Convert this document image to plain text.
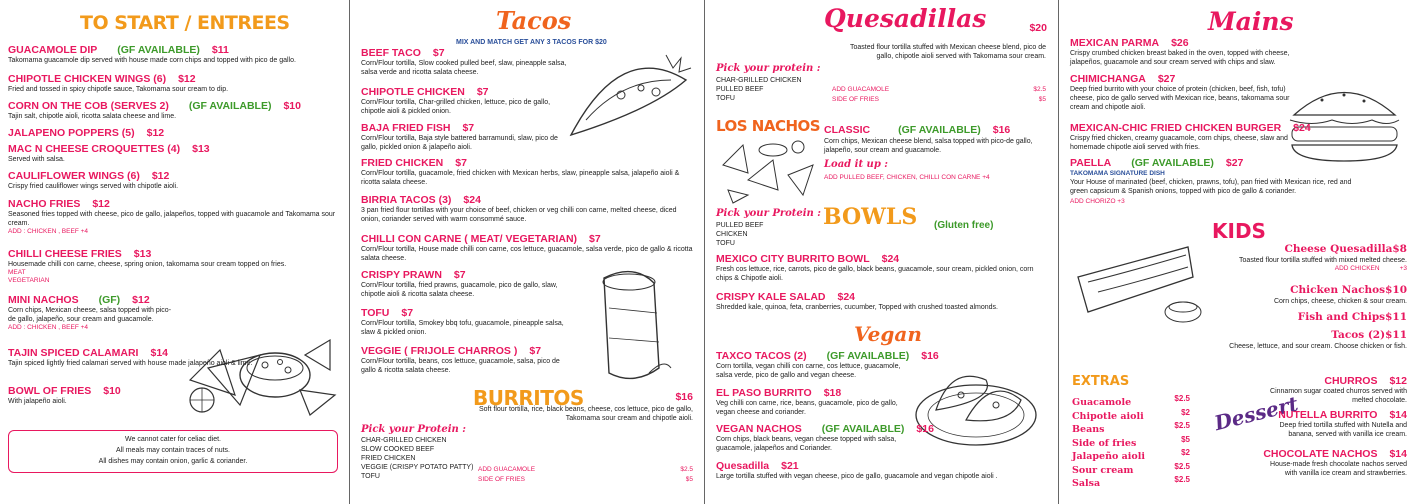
TO START / ENTREES
We cannot cater for celiac diet.
All meals may contain traces of nuts.
All dishes may contain onion, garlic & coriander.
GUACAMOLE DIP (GF AVAILABLE) $11
Takomama guacamole dip served with house made corn chips and topped with pico de gallo.
CHIPOTLE CHICKEN WINGS (6) $12
Fried and tossed in spicy chipotle sauce, Takomama sour cream to dip.
CORN ON THE COB (SERVES 2) (GF AVAILABLE) $10
Tajin salt, chipotle aioli, ricotta salata cheese and lime.
JALAPENO POPPERS (5) $12
MAC N CHEESE CROQUETTES (4) $13
Served with salsa.
CAULIFLOWER WINGS (6) $12
Crispy fried cauliflower wings served with chipotle aioli.
NACHO FRIES $12
Seasoned fries topped with cheese, pico de gallo, jalapeños, topped with guacamole and Takomama sour cream.
ADD : CHICKEN , BEEF +4
CHILLI CHEESE FRIES $13
Housemade chilli con carne, cheese, spring onion, takomama sour cream topped on fries.
MEAT
VEGETARIAN
MINI NACHOS (GF) $12
Corn chips, Mexican cheese, salsa topped with pico-de gallo, jalapeño, sour cream and guacamole.
ADD : CHICKEN , BEEF +4
TAJIN SPICED CALAMARI $14
Tajin spiced lightly fried calamari served with house made jalapeño aioli & lime.
BOWL OF FRIES $10
With jalapeño aioli.
Tacos
MIX AND MATCH GET ANY 3 TACOS FOR $20
BEEF TACO $7
Corn/Flour tortilla, Slow cooked pulled beef, slaw, pineapple salsa, salsa verde and ricotta salata cheese.
CHIPOTLE CHICKEN $7
Corn/Flour tortilla, Char-grilled chicken, lettuce, pico de gallo, chipotle aioli & pickled onion.
BAJA FRIED FISH $7
Corn/Flour tortilla, Baja style battered barramundi, slaw, pico de gallo, pickled onion & jalapeño aioli.
FRIED CHICKEN $7
Corn/Flour tortilla, guacamole, fried chicken with Mexican herbs, slaw, pineapple salsa, jalapeño aioli & ricotta salata cheese.
BIRRIA TACOS (3) $24
3 pan fried flour tortillas with your choice of beef, chicken or veg chilli con carne, melted cheese, diced onion, coriander served with warm consommé sauce.
CHILLI CON CARNE ( MEAT/ VEGETARIAN) $7
Corn/Flour tortilla, House made chilli con carne, cos lettuce, guacamole, salsa verde, pico de gallo & ricotta salata cheese.
CRISPY PRAWN $7
Corn/Flour tortilla, fried prawns, guacamole, pico de gallo, slaw, chipotle aioli & ricotta salata cheese.
TOFU $7
Corn/Flour tortilla, Smokey bbq tofu, guacamole, pineapple salsa, slaw & pickled onion.
VEGGIE ( FRIJOLE CHARROS ) $7
Corn/Flour tortilla, beans, cos lettuce, guacamole, salsa, pico de gallo & ricotta salata cheese.
BURRITOS	$16
Soft flour tortilla, rice, black beans, cheese, cos lettuce, pico de gallo, Takomama sour cream and chipotle aioli.
Pick your Protein :
CHAR-GRILLED CHICKEN
SLOW COOKED BEEF
FRIED CHICKEN
VEGGIE (CRISPY POTATO PATTY)
TOFU
ADD GUACAMOLE	$2.5
SIDE OF FRIES	$5
Quesadillas	$20
Toasted flour tortilla stuffed with Mexican cheese blend, pico de gallo, chipotle aioli served with Takomama sour cream.
Pick your protein :
CHAR-GRILLED CHICKEN
PULLED BEEF
TOFU
ADD GUACAMOLE	$2.5
SIDE OF FRIES	$5
LOS NACHOS CLASSIC	(GF AVAILABLE) $16
Corn chips, Mexican cheese blend, salsa topped with pico-de gallo, jalapeño, sour cream and guacamole.
Load it up :
ADD PULLED BEEF, CHICKEN, CHILLI CON CARNE +4
Pick your Protein :
PULLED BEEF
CHICKEN
TOFU
BOWLS (Gluten free)
Vegan
MEXICO CITY BURRITO BOWL $24
Fresh cos lettuce, rice, carrots, pico de gallo, black beans, guacamole, sour cream, pickled onion, corn chips & Chipotle aioli.
CRISPY KALE SALAD $24
Shredded kale, quinoa, feta, cranberries, cucumber, Topped with crushed toasted almonds.
TAXCO TACOS (2) (GF AVAILABLE) $16
Corn tortilla, vegan chilli con carne, cos lettuce, guacamole, salsa verde, pico de gallo and vegan cheese.
EL PASO BURRITO $18
Veg chilli con carne, rice, beans, guacamole, pico de gallo, vegan cheese and coriander.
VEGAN NACHOS (GF AVAILABLE) $16
Corn chips, black beans, vegan cheese topped with salsa, guacamole, jalapeños and Coriander.
Quesadilla $21
Large tortilla stuffed with vegan cheese, pico de gallo, guacamole and vegan chipotle aioli .
Mains
KIDS
EXTRAS
Dessert
MEXICAN PARMA $26
Crispy crumbed chicken breast baked in the oven, topped with cheese, jalapeños, guacamole and sour cream served with chips and slaw.
CHIMICHANGA $27
Deep fried burrito with your choice of protein (chicken, beef, fish, tofu) cheese, pico de gallo served with Mexican rice, beans, takomama sour cream and chipotle aioli.
MEXICAN-CHIC FRIED CHICKEN BURGER $24
Crispy fried chicken, creamy guacamole, corn chips, cheese, slaw and homemade chipotle aioli served with fries.
PAELLA (GF AVAILABLE) $27
TAKOMAMA SIGNATURE DISH
Your House of marinated (beef, chicken, prawns, tofu), pan fried with Mexican rice, red and green capsicum & Spanish onions, topped with pico de gallo & coriander.
ADD CHORIZO +3
Cheese Quesadilla$8
Toasted flour tortilla stuffed with mixed melted cheese.
ADD CHICKEN	+3
Chicken Nachos$10
Corn chips, cheese, chicken & sour cream.
Fish and Chips$11
Tacos (2)$11
Cheese, lettuce, and sour cream. Choose chicken or fish.
Guacamole	$2.5
Chipotle aioli	$2
Beans	$2.5
Side of fries	$5
Jalapeño aioli	$2
Sour cream	$2.5
Salsa	$2.5
CHURROS $12
Cinnamon sugar coated churros served with melted chocolate.
NUTELLA BURRITO $14
Deep fried tortilla stuffed with Nutella and banana, served with vanilla ice cream.
CHOCOLATE NACHOS $14
House-made fresh chocolate nachos served with vanilla ice cream and strawberries.
